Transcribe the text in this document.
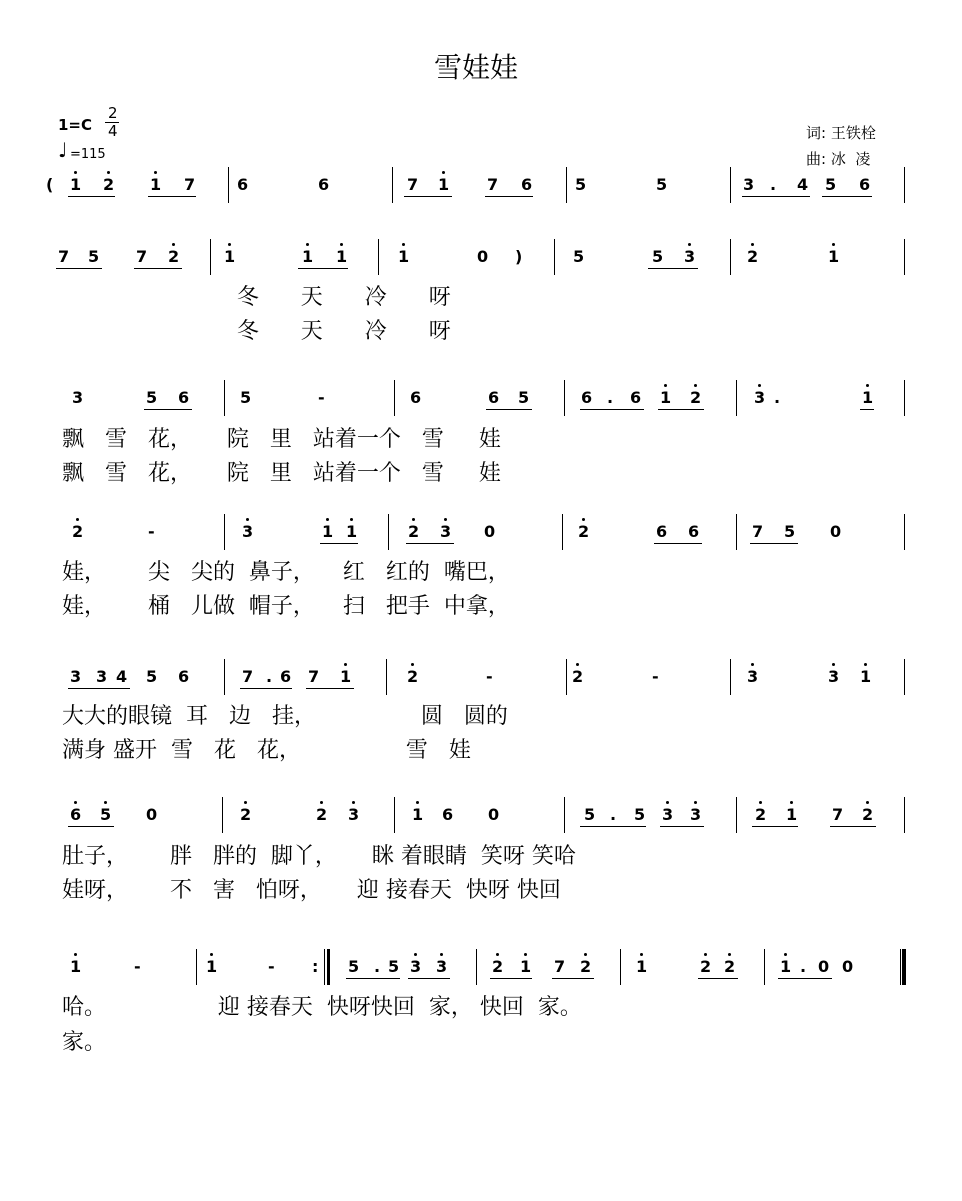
雪娃娃
1=C
2
4
♩ =115
词: 王铁栓
曲: 冰  凌
( 1 2 1 7	6	6	7 1 7 6	5	5	3 . 4 5 6
7 5 7 2	1	1 1	1	0 )	5	5 3	2	1
冬      天      冷      呀
冬      天      冷      呀
3	5 6	5	-	6	6 5	6 . 6 1 2	3 .	1
飘   雪   花，     院   里   站着一个   雪     娃
飘   雪   花，     院   里   站着一个   雪     娃
2	-	3	1 1	2 3 0	2	6 6	7 5 0
娃，      尖   尖的  鼻子，    红   红的  嘴巴，
娃，      桶   儿做  帽子，    扫   把手  中拿，
3 3 4 5 6	7 . 6 7 1	2	-	2	-	3	3 1
大大的眼镜  耳   边   挂，               圆   圆的
满身 盛开  雪   花   花，               雪   娃
6 5 0	2	2 3	1 6 0	5 . 5 3 3	2 1 7 2
肚子，      胖   胖的  脚丫，     眯 着眼睛  笑呀 笑哈
娃呀，      不   害   怕呀，     迎 接春天  快呀 快回
1	-	1	- : 5 . 5 3 3	2 1 7 2	1	2 2	1 . 0 0
哈。                迎 接春天  快呀快回  家， 快回  家。
家。
